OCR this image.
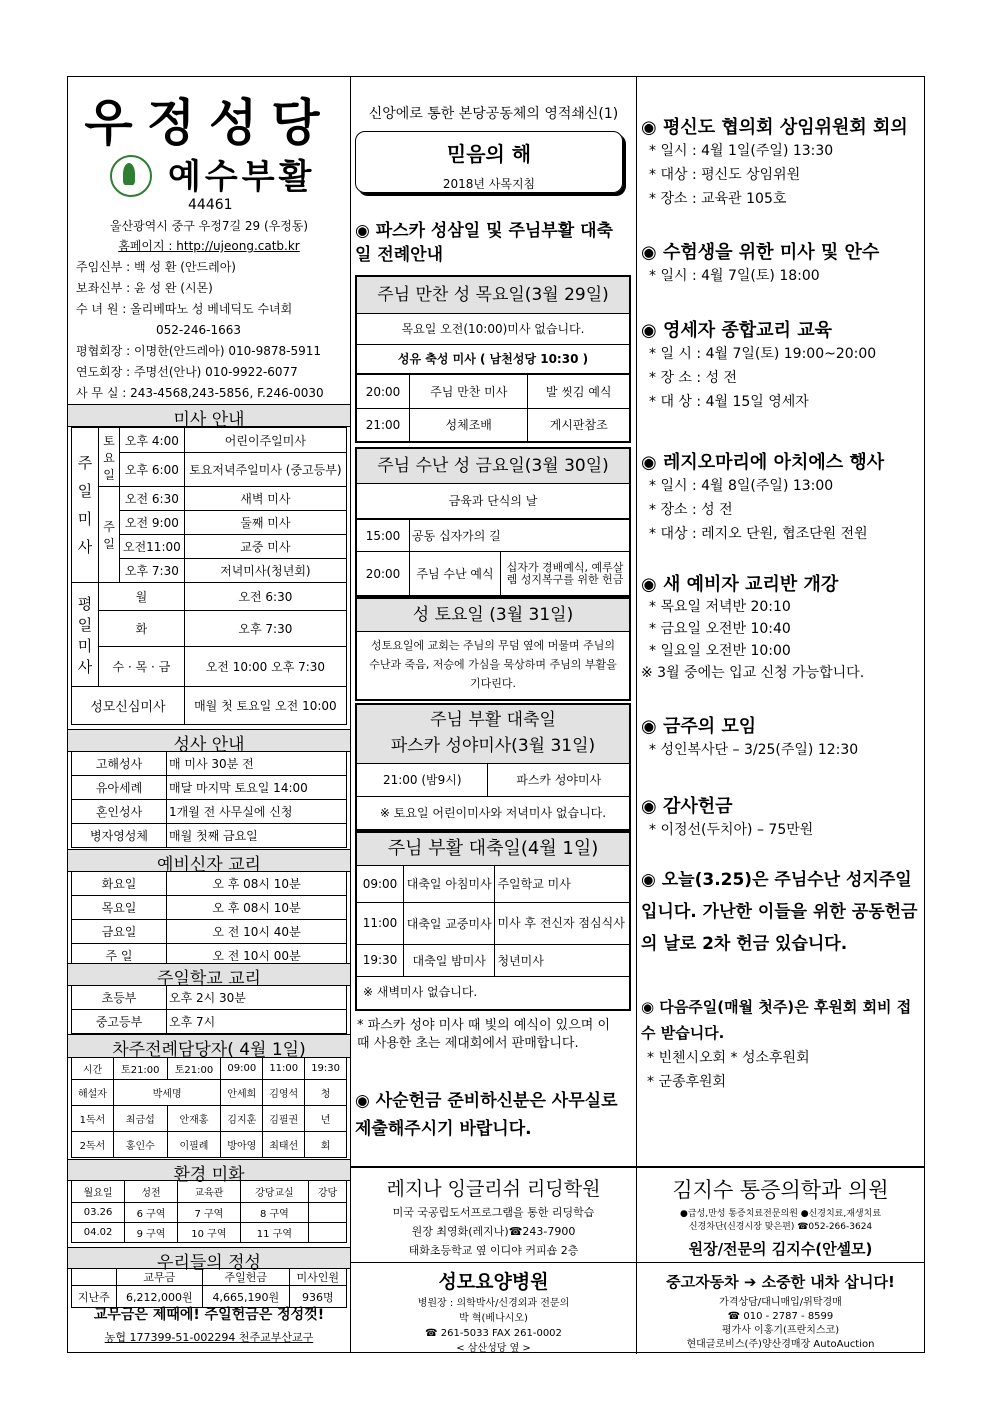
우정성당
예수부활
44461
울산광역시 중구 우정7길 29 (우정동)
홈페이지 : http://ujeong.catb.kr
주임신부 : 백 성 환 (안드레아)
보좌신부 : 윤 성 완 (시몬)
수 녀 원 : 올리베따노 성 베네딕도 수녀회
052-246-1663
평협회장 : 이명한(안드레아) 010-9878-5911
연도회장 : 주명선(안나) 010-9922-6077
사 무 실 : 243-4568,243-5856, F.246-0030
미사 안내
주일미사	토요일	오후 4:00	어린이주일미사
		오후 6:00	토요저녁주일미사 (중고등부)
	주일	오전 6:30	새벽 미사
		오전 9:00	둘째 미사
		오전11:00	교중 미사
		오후 7:30	저녁미사(청년회)
평일미사	월		오전 6:30
	화		오후 7:30
	수 · 목 · 금		오전 10:00 오후 7:30
성모신심미사			매월 첫 토요일 오전 10:00
성사 안내
고해성사	매 미사 30분 전
유아세례	매달 마지막 토요일 14:00
혼인성사	1개월 전 사무실에 신청
병자영성체	매월 첫째 금요일
예비신자 교리
화요일	오 후 08시 10분
목요일	오 후 08시 10분
금요일	오 전 10시 40분
주 일	오 전 10시 00분
주일학교 교리
초등부	오후 2시 30분
중고등부	오후 7시
차주전례담당자( 4월 1일)
시간	토21:00	토21:00	09:00	11:00	19:30
해설자	박세명		안세희	김영석	청
1독서	최금섭	안재홍	김지훈	김필권	년
2독서	홍인수	이필례	방아영	최태선	회
환경 미화
월요일	성전	교육관	강당교실	강당
03.26	6 구역	7 구역	8 구역	
04.02	9 구역	10 구역	11 구역	
우리들의 정성
	교무금	주일헌금	미사인원
지난주	6,212,000원	4,665,190원	936명
교무금은 제때에! 주일헌금은 정성껏!
농협 177399-51-002294 천주교부산교구
신앙에로 통한 본당공동체의 영적쇄신(1)
믿음의 해
2018년 사목지침
◉ 파스카 성삼일 및 주님부활 대축일 전례안내
주님 만찬 성 목요일(3월 29일)
목요일 오전(10:00)미사 없습니다.
성유 축성 미사 ( 남천성당 10:30 )
20:00	주님 만찬 미사	발 씻김 예식
21:00	성체조배	게시판참조
주님 수난 성 금요일(3월 30일)
금육과 단식의 날
15:00	공동 십자가의 길	
20:00	주님 수난 예식	십자가 경배예식, 예루살렘 성지복구를 위한 헌금
성 토요일 (3월 31일)
성토요일에 교회는 주님의 무덤 옆에 머물며 주님의 수난과 죽음, 저승에 가심을 묵상하며 주님의 부활을 기다린다.
주님 부활 대축일
파스카 성야미사(3월 31일)
21:00 (밤9시)	파스카 성야미사
※ 토요일 어린이미사와 저녁미사 없습니다.
주님 부활 대축일(4월 1일)
09:00	대축일 아침미사	주일학교 미사
11:00	대축일 교중미사	미사 후 전신자 점심식사
19:30	대축일 밤미사	청년미사
※ 새벽미사 없습니다.
* 파스카 성야 미사 때 빛의 예식이 있으며 이 때 사용한 초는 제대회에서 판매합니다.
◉ 사순헌금 준비하신분은 사무실로 제출해주시기 바랍니다.
◉ 평신도 협의회 상임위원회 회의
* 일시 : 4월 1일(주일) 13:30
* 대상 : 평신도 상임위원
* 장소 : 교육관 105호
◉ 수험생을 위한 미사 및 안수
* 일시 : 4월 7일(토) 18:00
◉ 영세자 종합교리 교육
* 일 시 : 4월 7일(토) 19:00~20:00
* 장 소 : 성 전
* 대 상 : 4월 15일 영세자
◉ 레지오마리에 아치에스 행사
* 일시 : 4월 8일(주일) 13:00
* 장소 : 성 전
* 대상 : 레지오 단원, 협조단원 전원
◉ 새 예비자 교리반 개강
* 목요일 저녁반 20:10
* 금요일 오전반 10:40
* 일요일 오전반 10:00
※ 3월 중에는 입교 신청 가능합니다.
◉ 금주의 모임
* 성인복사단 – 3/25(주일) 12:30
◉ 감사헌금
* 이정선(두치아) – 75만원
◉ 오늘(3.25)은 주님수난 성지주일입니다. 가난한 이들을 위한 공동헌금의 날로 2차 헌금 있습니다.
◉ 다음주일(매월 첫주)은 후원회 회비 접수 받습니다.
* 빈첸시오회 * 성소후원회
* 군종후원회
레지나 잉글리쉬 리딩학원
미국 국공립도서프로그램을 통한 리딩학습
원장 최영화(레지나)☎243-7900
태화초등학교 옆 이디야 커피숍 2층
김지수 통증의학과 의원
●급성,만성 통증치료전문의원 ●신경치료,재생치료
신경차단(신경시장 맞은편) ☎052-266-3624
원장/전문의 김지수(안셀모)
성모요양병원
병원장 : 의학박사/신경외과 전문의
박 혁(베나시오)
☎ 261-5033 FAX 261-0002
< 삼산성당 옆 >
중고자동차 ➔ 소중한 내차 삽니다!
가격상담/대니매입/위탁경매
☎ 010 - 2787 - 8599
평가사 이홍기(프란치스코)
현대글로비스(주)양산경매장 AutoAuction
